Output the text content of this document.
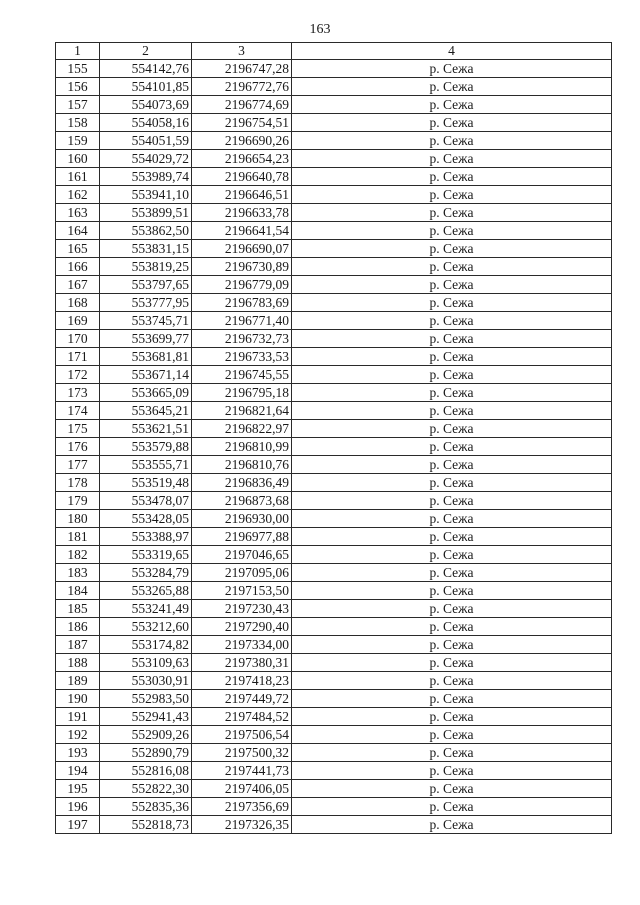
163
1	2	3	4
155	554142,76	2196747,28	р. Сежа
156	554101,85	2196772,76	р. Сежа
157	554073,69	2196774,69	р. Сежа
158	554058,16	2196754,51	р. Сежа
159	554051,59	2196690,26	р. Сежа
160	554029,72	2196654,23	р. Сежа
161	553989,74	2196640,78	р. Сежа
162	553941,10	2196646,51	р. Сежа
163	553899,51	2196633,78	р. Сежа
164	553862,50	2196641,54	р. Сежа
165	553831,15	2196690,07	р. Сежа
166	553819,25	2196730,89	р. Сежа
167	553797,65	2196779,09	р. Сежа
168	553777,95	2196783,69	р. Сежа
169	553745,71	2196771,40	р. Сежа
170	553699,77	2196732,73	р. Сежа
171	553681,81	2196733,53	р. Сежа
172	553671,14	2196745,55	р. Сежа
173	553665,09	2196795,18	р. Сежа
174	553645,21	2196821,64	р. Сежа
175	553621,51	2196822,97	р. Сежа
176	553579,88	2196810,99	р. Сежа
177	553555,71	2196810,76	р. Сежа
178	553519,48	2196836,49	р. Сежа
179	553478,07	2196873,68	р. Сежа
180	553428,05	2196930,00	р. Сежа
181	553388,97	2196977,88	р. Сежа
182	553319,65	2197046,65	р. Сежа
183	553284,79	2197095,06	р. Сежа
184	553265,88	2197153,50	р. Сежа
185	553241,49	2197230,43	р. Сежа
186	553212,60	2197290,40	р. Сежа
187	553174,82	2197334,00	р. Сежа
188	553109,63	2197380,31	р. Сежа
189	553030,91	2197418,23	р. Сежа
190	552983,50	2197449,72	р. Сежа
191	552941,43	2197484,52	р. Сежа
192	552909,26	2197506,54	р. Сежа
193	552890,79	2197500,32	р. Сежа
194	552816,08	2197441,73	р. Сежа
195	552822,30	2197406,05	р. Сежа
196	552835,36	2197356,69	р. Сежа
197	552818,73	2197326,35	р. Сежа
